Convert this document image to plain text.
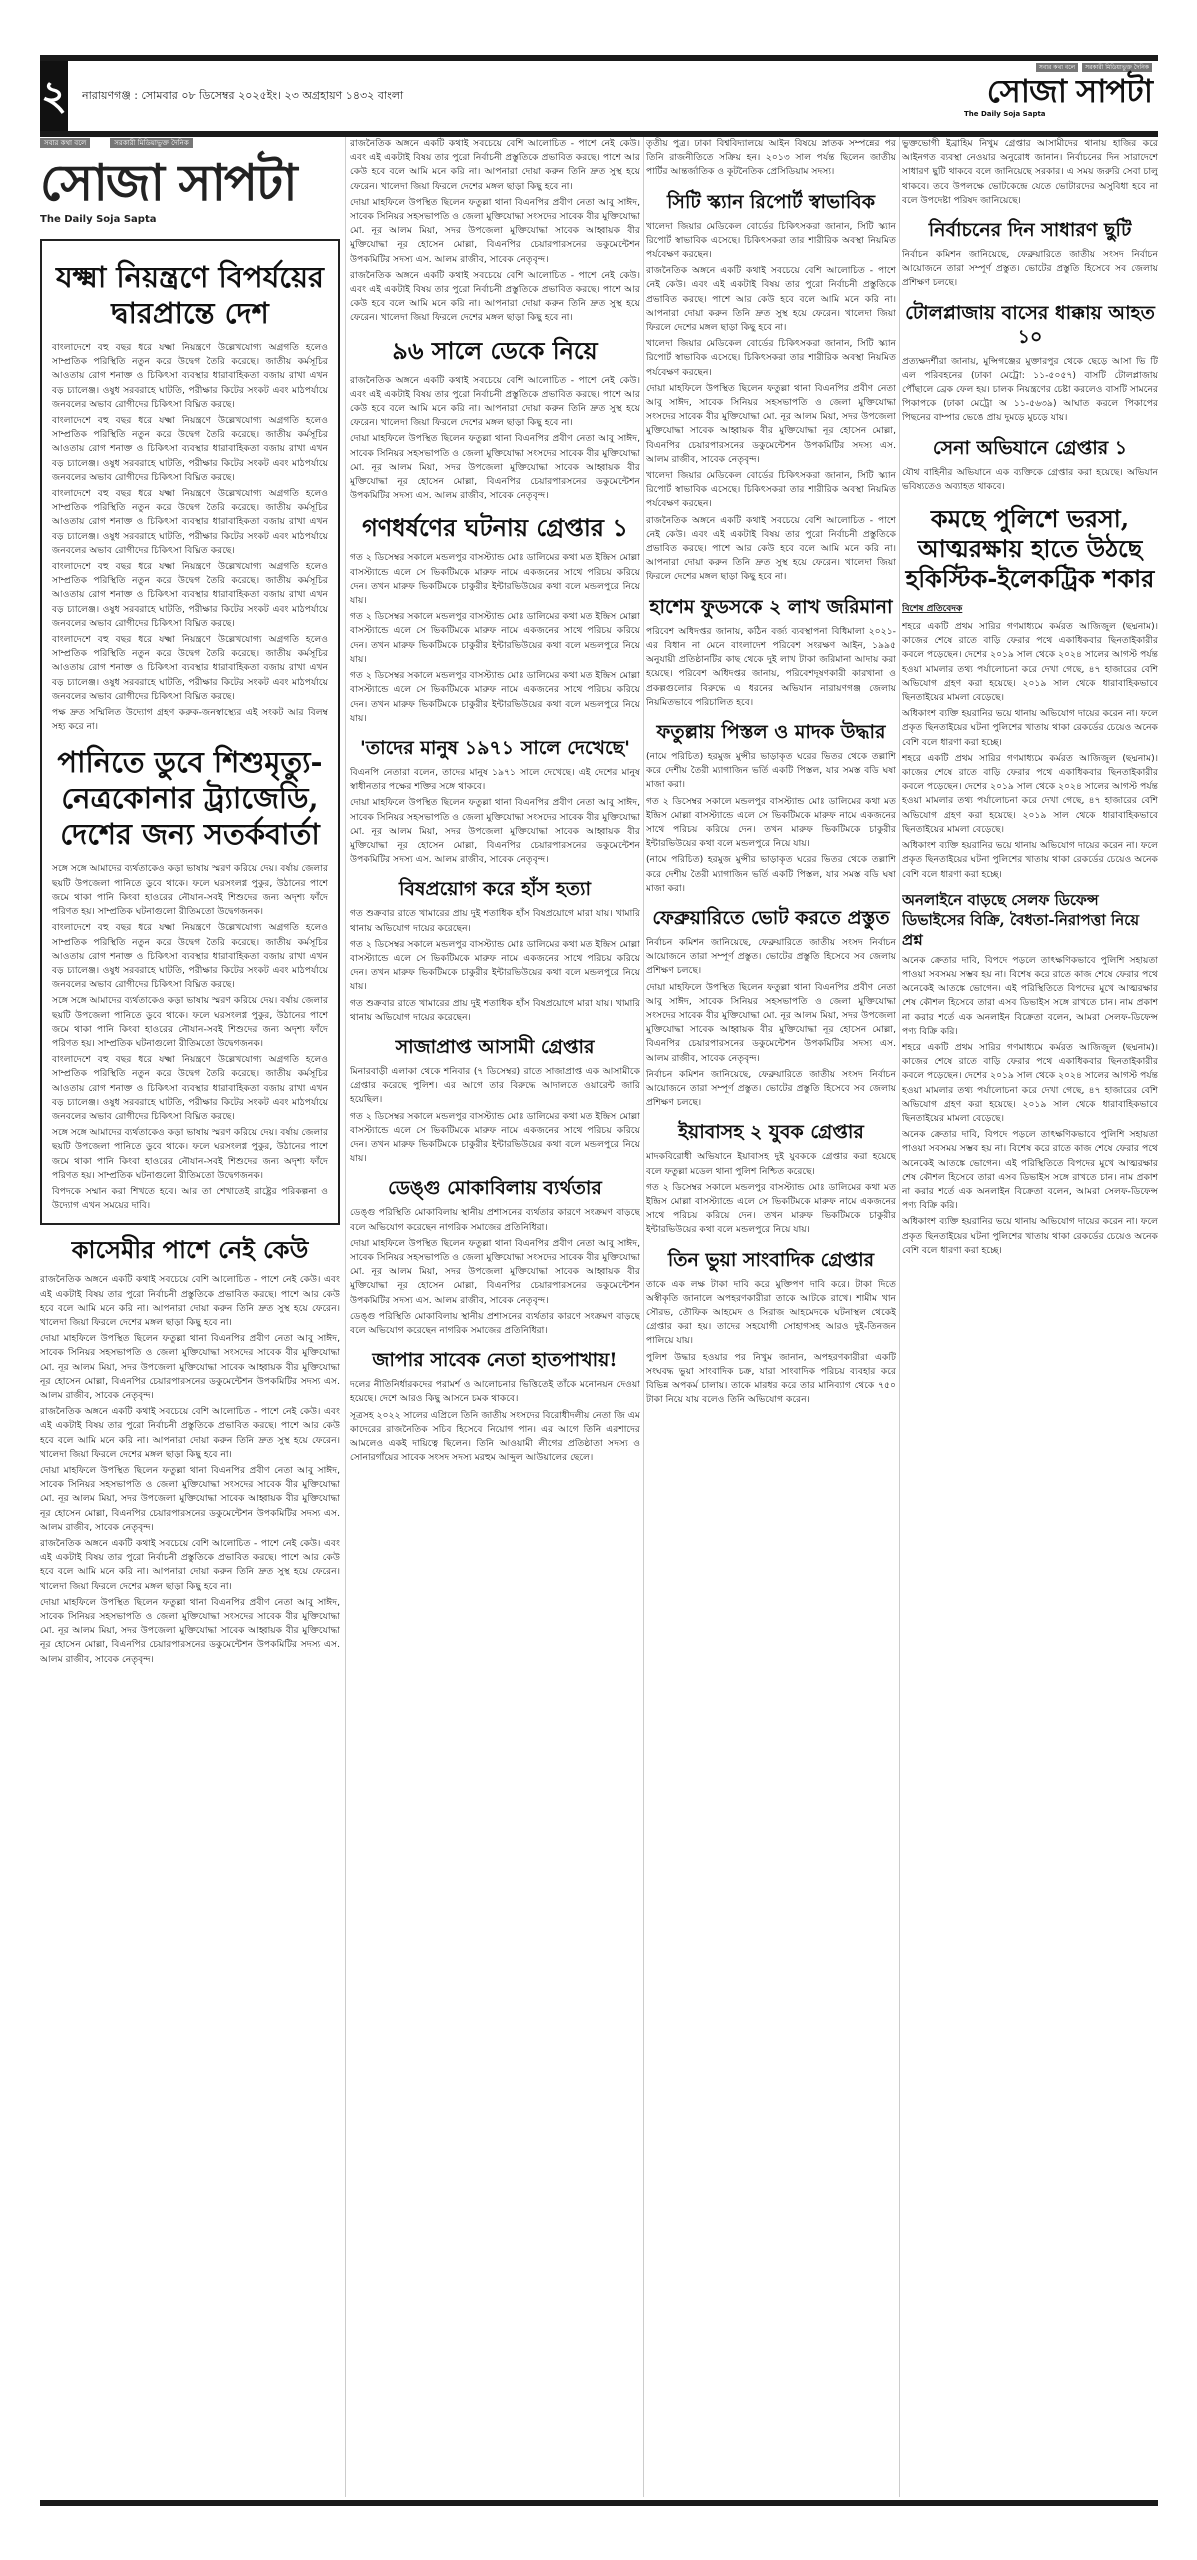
২ নারায়ণগঞ্জ : সোমবার ০৮ ডিসেম্বর ২০২৫ইং। ২৩ অগ্রহায়ণ ১৪৩২ বাংলা
সবার কথা বলে সরকারী মিডিয়াভুক্ত দৈনিক
সোজা সাপটা
The Daily Soja Sapta
সবার কথা বলে	সরকারী মিডিয়াভুক্ত দৈনিক
সোজা সাপটা
The Daily Soja Sapta
যক্ষ্মা নিয়ন্ত্রণে বিপর্যয়ের দ্বারপ্রান্তে দেশ

বাংলাদেশে বহু বছর ধরে যক্ষ্মা নিয়ন্ত্রণে উল্লেখযোগ্য অগ্রগতি হলেও সাম্প্রতিক পরিস্থিতি নতুন করে উদ্বেগ তৈরি করেছে। জাতীয় কর্মসূচির আওতায় রোগ শনাক্ত ও চিকিৎসা ব্যবস্থার ধারাবাহিকতা বজায় রাখা এখন বড় চ্যালেঞ্জ। ওষুধ সরবরাহে ঘাটতি, পরীক্ষার কিটের সংকট এবং মাঠপর্যায়ে জনবলের অভাব রোগীদের চিকিৎসা বিঘ্নিত করছে।

বাংলাদেশে বহু বছর ধরে যক্ষ্মা নিয়ন্ত্রণে উল্লেখযোগ্য অগ্রগতি হলেও সাম্প্রতিক পরিস্থিতি নতুন করে উদ্বেগ তৈরি করেছে। জাতীয় কর্মসূচির আওতায় রোগ শনাক্ত ও চিকিৎসা ব্যবস্থার ধারাবাহিকতা বজায় রাখা এখন বড় চ্যালেঞ্জ। ওষুধ সরবরাহে ঘাটতি, পরীক্ষার কিটের সংকট এবং মাঠপর্যায়ে জনবলের অভাব রোগীদের চিকিৎসা বিঘ্নিত করছে।

বাংলাদেশে বহু বছর ধরে যক্ষ্মা নিয়ন্ত্রণে উল্লেখযোগ্য অগ্রগতি হলেও সাম্প্রতিক পরিস্থিতি নতুন করে উদ্বেগ তৈরি করেছে। জাতীয় কর্মসূচির আওতায় রোগ শনাক্ত ও চিকিৎসা ব্যবস্থার ধারাবাহিকতা বজায় রাখা এখন বড় চ্যালেঞ্জ। ওষুধ সরবরাহে ঘাটতি, পরীক্ষার কিটের সংকট এবং মাঠপর্যায়ে জনবলের অভাব রোগীদের চিকিৎসা বিঘ্নিত করছে।

বাংলাদেশে বহু বছর ধরে যক্ষ্মা নিয়ন্ত্রণে উল্লেখযোগ্য অগ্রগতি হলেও সাম্প্রতিক পরিস্থিতি নতুন করে উদ্বেগ তৈরি করেছে। জাতীয় কর্মসূচির আওতায় রোগ শনাক্ত ও চিকিৎসা ব্যবস্থার ধারাবাহিকতা বজায় রাখা এখন বড় চ্যালেঞ্জ। ওষুধ সরবরাহে ঘাটতি, পরীক্ষার কিটের সংকট এবং মাঠপর্যায়ে জনবলের অভাব রোগীদের চিকিৎসা বিঘ্নিত করছে।

বাংলাদেশে বহু বছর ধরে যক্ষ্মা নিয়ন্ত্রণে উল্লেখযোগ্য অগ্রগতি হলেও সাম্প্রতিক পরিস্থিতি নতুন করে উদ্বেগ তৈরি করেছে। জাতীয় কর্মসূচির আওতায় রোগ শনাক্ত ও চিকিৎসা ব্যবস্থার ধারাবাহিকতা বজায় রাখা এখন বড় চ্যালেঞ্জ। ওষুধ সরবরাহে ঘাটতি, পরীক্ষার কিটের সংকট এবং মাঠপর্যায়ে জনবলের অভাব রোগীদের চিকিৎসা বিঘ্নিত করছে।

পক্ষ দ্রুত সম্মিলিত উদ্যোগ গ্রহণ করুক-জনস্বাস্থ্যের এই সংকট আর বিলম্ব সহ্য করে না।

পানিতে ডুবে শিশুমৃত্যু-নেত্রকোনার ট্র্যাজেডি, দেশের জন্য সতর্কবার্তা

সঙ্গে সঙ্গে আমাদের ব্যর্থতাকেও কড়া ভাষায় স্মরণ করিয়ে দেয়। বর্ষায় জেলার ছয়টি উপজেলা পানিতে ডুবে থাকে। ফলে ঘরসংলগ্ন পুকুর, উঠানের পাশে জমে থাকা পানি কিংবা হাওরের নৌযান-সবই শিশুদের জন্য অদৃশ্য ফাঁদে পরিণত হয়। সাম্প্রতিক ঘটনাগুলো রীতিমতো উদ্বেগজনক।

বাংলাদেশে বহু বছর ধরে যক্ষ্মা নিয়ন্ত্রণে উল্লেখযোগ্য অগ্রগতি হলেও সাম্প্রতিক পরিস্থিতি নতুন করে উদ্বেগ তৈরি করেছে। জাতীয় কর্মসূচির আওতায় রোগ শনাক্ত ও চিকিৎসা ব্যবস্থার ধারাবাহিকতা বজায় রাখা এখন বড় চ্যালেঞ্জ। ওষুধ সরবরাহে ঘাটতি, পরীক্ষার কিটের সংকট এবং মাঠপর্যায়ে জনবলের অভাব রোগীদের চিকিৎসা বিঘ্নিত করছে।

সঙ্গে সঙ্গে আমাদের ব্যর্থতাকেও কড়া ভাষায় স্মরণ করিয়ে দেয়। বর্ষায় জেলার ছয়টি উপজেলা পানিতে ডুবে থাকে। ফলে ঘরসংলগ্ন পুকুর, উঠানের পাশে জমে থাকা পানি কিংবা হাওরের নৌযান-সবই শিশুদের জন্য অদৃশ্য ফাঁদে পরিণত হয়। সাম্প্রতিক ঘটনাগুলো রীতিমতো উদ্বেগজনক।

বাংলাদেশে বহু বছর ধরে যক্ষ্মা নিয়ন্ত্রণে উল্লেখযোগ্য অগ্রগতি হলেও সাম্প্রতিক পরিস্থিতি নতুন করে উদ্বেগ তৈরি করেছে। জাতীয় কর্মসূচির আওতায় রোগ শনাক্ত ও চিকিৎসা ব্যবস্থার ধারাবাহিকতা বজায় রাখা এখন বড় চ্যালেঞ্জ। ওষুধ সরবরাহে ঘাটতি, পরীক্ষার কিটের সংকট এবং মাঠপর্যায়ে জনবলের অভাব রোগীদের চিকিৎসা বিঘ্নিত করছে।

সঙ্গে সঙ্গে আমাদের ব্যর্থতাকেও কড়া ভাষায় স্মরণ করিয়ে দেয়। বর্ষায় জেলার ছয়টি উপজেলা পানিতে ডুবে থাকে। ফলে ঘরসংলগ্ন পুকুর, উঠানের পাশে জমে থাকা পানি কিংবা হাওরের নৌযান-সবই শিশুদের জন্য অদৃশ্য ফাঁদে পরিণত হয়। সাম্প্রতিক ঘটনাগুলো রীতিমতো উদ্বেগজনক।

বিপদকে সম্মান করা শিখতে হবে। আর তা শেখাতেই রাষ্ট্রের পরিকল্পনা ও উদ্যোগ এখন সময়ের দাবি।

কাসেমীর পাশে নেই কেউ

রাজনৈতিক অঙ্গনে একটি কথাই সবচেয়ে বেশি আলোচিত - পাশে নেই কেউ। এবং এই একটাই বিষয় তার পুরো নির্বাচনী প্রস্তুতিকে প্রভাবিত করছে। পাশে আর কেউ হবে বলে আমি মনে করি না। আপনারা দোয়া করুন তিনি দ্রুত সুস্থ হয়ে ফেরেন। খালেদা জিয়া ফিরলে দেশের মঙ্গল ছাড়া কিছু হবে না।

দোয়া মাহফিলে উপস্থিত ছিলেন ফতুল্লা থানা বিএনপির প্রবীণ নেতা আবু সাঈদ, সাবেক সিনিয়র সহসভাপতি ও জেলা মুক্তিযোদ্ধা সংসদের সাবেক বীর মুক্তিযোদ্ধা মো. নূর আলম মিয়া, সদর উপজেলা মুক্তিযোদ্ধা সাবেক আহ্বায়ক বীর মুক্তিযোদ্ধা নূর হোসেন মোল্লা, বিএনপির চেয়ারপারসনের ডকুমেন্টেশন উপকমিটির সদস্য এস. আলম রাজীব, সাবেক নেতৃবৃন্দ।

রাজনৈতিক অঙ্গনে একটি কথাই সবচেয়ে বেশি আলোচিত - পাশে নেই কেউ। এবং এই একটাই বিষয় তার পুরো নির্বাচনী প্রস্তুতিকে প্রভাবিত করছে। পাশে আর কেউ হবে বলে আমি মনে করি না। আপনারা দোয়া করুন তিনি দ্রুত সুস্থ হয়ে ফেরেন। খালেদা জিয়া ফিরলে দেশের মঙ্গল ছাড়া কিছু হবে না।

দোয়া মাহফিলে উপস্থিত ছিলেন ফতুল্লা থানা বিএনপির প্রবীণ নেতা আবু সাঈদ, সাবেক সিনিয়র সহসভাপতি ও জেলা মুক্তিযোদ্ধা সংসদের সাবেক বীর মুক্তিযোদ্ধা মো. নূর আলম মিয়া, সদর উপজেলা মুক্তিযোদ্ধা সাবেক আহ্বায়ক বীর মুক্তিযোদ্ধা নূর হোসেন মোল্লা, বিএনপির চেয়ারপারসনের ডকুমেন্টেশন উপকমিটির সদস্য এস. আলম রাজীব, সাবেক নেতৃবৃন্দ।

রাজনৈতিক অঙ্গনে একটি কথাই সবচেয়ে বেশি আলোচিত - পাশে নেই কেউ। এবং এই একটাই বিষয় তার পুরো নির্বাচনী প্রস্তুতিকে প্রভাবিত করছে। পাশে আর কেউ হবে বলে আমি মনে করি না। আপনারা দোয়া করুন তিনি দ্রুত সুস্থ হয়ে ফেরেন। খালেদা জিয়া ফিরলে দেশের মঙ্গল ছাড়া কিছু হবে না।

দোয়া মাহফিলে উপস্থিত ছিলেন ফতুল্লা থানা বিএনপির প্রবীণ নেতা আবু সাঈদ, সাবেক সিনিয়র সহসভাপতি ও জেলা মুক্তিযোদ্ধা সংসদের সাবেক বীর মুক্তিযোদ্ধা মো. নূর আলম মিয়া, সদর উপজেলা মুক্তিযোদ্ধা সাবেক আহ্বায়ক বীর মুক্তিযোদ্ধা নূর হোসেন মোল্লা, বিএনপির চেয়ারপারসনের ডকুমেন্টেশন উপকমিটির সদস্য এস. আলম রাজীব, সাবেক নেতৃবৃন্দ।

রাজনৈতিক অঙ্গনে একটি কথাই সবচেয়ে বেশি আলোচিত - পাশে নেই কেউ। এবং এই একটাই বিষয় তার পুরো নির্বাচনী প্রস্তুতিকে প্রভাবিত করছে। পাশে আর কেউ হবে বলে আমি মনে করি না। আপনারা দোয়া করুন তিনি দ্রুত সুস্থ হয়ে ফেরেন। খালেদা জিয়া ফিরলে দেশের মঙ্গল ছাড়া কিছু হবে না।

দোয়া মাহফিলে উপস্থিত ছিলেন ফতুল্লা থানা বিএনপির প্রবীণ নেতা আবু সাঈদ, সাবেক সিনিয়র সহসভাপতি ও জেলা মুক্তিযোদ্ধা সংসদের সাবেক বীর মুক্তিযোদ্ধা মো. নূর আলম মিয়া, সদর উপজেলা মুক্তিযোদ্ধা সাবেক আহ্বায়ক বীর মুক্তিযোদ্ধা নূর হোসেন মোল্লা, বিএনপির চেয়ারপারসনের ডকুমেন্টেশন উপকমিটির সদস্য এস. আলম রাজীব, সাবেক নেতৃবৃন্দ।

রাজনৈতিক অঙ্গনে একটি কথাই সবচেয়ে বেশি আলোচিত - পাশে নেই কেউ। এবং এই একটাই বিষয় তার পুরো নির্বাচনী প্রস্তুতিকে প্রভাবিত করছে। পাশে আর কেউ হবে বলে আমি মনে করি না। আপনারা দোয়া করুন তিনি দ্রুত সুস্থ হয়ে ফেরেন। খালেদা জিয়া ফিরলে দেশের মঙ্গল ছাড়া কিছু হবে না।

৯৬ সালে ডেকে নিয়ে

রাজনৈতিক অঙ্গনে একটি কথাই সবচেয়ে বেশি আলোচিত - পাশে নেই কেউ। এবং এই একটাই বিষয় তার পুরো নির্বাচনী প্রস্তুতিকে প্রভাবিত করছে। পাশে আর কেউ হবে বলে আমি মনে করি না। আপনারা দোয়া করুন তিনি দ্রুত সুস্থ হয়ে ফেরেন। খালেদা জিয়া ফিরলে দেশের মঙ্গল ছাড়া কিছু হবে না।

দোয়া মাহফিলে উপস্থিত ছিলেন ফতুল্লা থানা বিএনপির প্রবীণ নেতা আবু সাঈদ, সাবেক সিনিয়র সহসভাপতি ও জেলা মুক্তিযোদ্ধা সংসদের সাবেক বীর মুক্তিযোদ্ধা মো. নূর আলম মিয়া, সদর উপজেলা মুক্তিযোদ্ধা সাবেক আহ্বায়ক বীর মুক্তিযোদ্ধা নূর হোসেন মোল্লা, বিএনপির চেয়ারপারসনের ডকুমেন্টেশন উপকমিটির সদস্য এস. আলম রাজীব, সাবেক নেতৃবৃন্দ।

গণধর্ষণের ঘটনায় গ্রেপ্তার ১

গত ২ ডিসেম্বর সকালে মন্ডলপুর বাসস্ট্যান্ড মোঃ ডালিমের কথা মত ইন্দ্রিস মোল্লা বাসস্ট্যান্ডে এলে সে ভিকটিমকে মারুফ নামে একজনের সাথে পরিচয় করিয়ে দেন। তখন মারুফ ভিকটিমকে চাকুরীর ইন্টারভিউয়ের কথা বলে মন্ডলপুরে নিয়ে যায়।

গত ২ ডিসেম্বর সকালে মন্ডলপুর বাসস্ট্যান্ড মোঃ ডালিমের কথা মত ইন্দ্রিস মোল্লা বাসস্ট্যান্ডে এলে সে ভিকটিমকে মারুফ নামে একজনের সাথে পরিচয় করিয়ে দেন। তখন মারুফ ভিকটিমকে চাকুরীর ইন্টারভিউয়ের কথা বলে মন্ডলপুরে নিয়ে যায়।

গত ২ ডিসেম্বর সকালে মন্ডলপুর বাসস্ট্যান্ড মোঃ ডালিমের কথা মত ইন্দ্রিস মোল্লা বাসস্ট্যান্ডে এলে সে ভিকটিমকে মারুফ নামে একজনের সাথে পরিচয় করিয়ে দেন। তখন মারুফ ভিকটিমকে চাকুরীর ইন্টারভিউয়ের কথা বলে মন্ডলপুরে নিয়ে যায়।

'তাদের মানুষ ১৯৭১ সালে দেখেছে'

বিএনপি নেতারা বলেন, তাদের মানুষ ১৯৭১ সালে দেখেছে। এই দেশের মানুষ স্বাধীনতার পক্ষের শক্তির সঙ্গে থাকবে।

দোয়া মাহফিলে উপস্থিত ছিলেন ফতুল্লা থানা বিএনপির প্রবীণ নেতা আবু সাঈদ, সাবেক সিনিয়র সহসভাপতি ও জেলা মুক্তিযোদ্ধা সংসদের সাবেক বীর মুক্তিযোদ্ধা মো. নূর আলম মিয়া, সদর উপজেলা মুক্তিযোদ্ধা সাবেক আহ্বায়ক বীর মুক্তিযোদ্ধা নূর হোসেন মোল্লা, বিএনপির চেয়ারপারসনের ডকুমেন্টেশন উপকমিটির সদস্য এস. আলম রাজীব, সাবেক নেতৃবৃন্দ।

বিষপ্রয়োগ করে হাঁস হত্যা

গত শুক্রবার রাতে খামারের প্রায় দুই শতাধিক হাঁস বিষপ্রয়োগে মারা যায়। খামারি থানায় অভিযোগ দায়ের করেছেন।

গত ২ ডিসেম্বর সকালে মন্ডলপুর বাসস্ট্যান্ড মোঃ ডালিমের কথা মত ইন্দ্রিস মোল্লা বাসস্ট্যান্ডে এলে সে ভিকটিমকে মারুফ নামে একজনের সাথে পরিচয় করিয়ে দেন। তখন মারুফ ভিকটিমকে চাকুরীর ইন্টারভিউয়ের কথা বলে মন্ডলপুরে নিয়ে যায়।

গত শুক্রবার রাতে খামারের প্রায় দুই শতাধিক হাঁস বিষপ্রয়োগে মারা যায়। খামারি থানায় অভিযোগ দায়ের করেছেন।

সাজাপ্রাপ্ত আসামী গ্রেপ্তার

মিনারবাড়ী এলাকা থেকে শনিবার (৭ ডিসেম্বর) রাতে সাজাপ্রাপ্ত এক আসামীকে গ্রেপ্তার করেছে পুলিশ। এর আগে তার বিরুদ্ধে আদালতে ওয়ারেন্ট জারি হয়েছিল।

গত ২ ডিসেম্বর সকালে মন্ডলপুর বাসস্ট্যান্ড মোঃ ডালিমের কথা মত ইন্দ্রিস মোল্লা বাসস্ট্যান্ডে এলে সে ভিকটিমকে মারুফ নামে একজনের সাথে পরিচয় করিয়ে দেন। তখন মারুফ ভিকটিমকে চাকুরীর ইন্টারভিউয়ের কথা বলে মন্ডলপুরে নিয়ে যায়।

ডেঙ্গু মোকাবিলায় ব্যর্থতার

ডেঙ্গু পরিস্থিতি মোকাবিলায় স্থানীয় প্রশাসনের ব্যর্থতার কারণে সংক্রমণ বাড়ছে বলে অভিযোগ করেছেন নাগরিক সমাজের প্রতিনিধিরা।

দোয়া মাহফিলে উপস্থিত ছিলেন ফতুল্লা থানা বিএনপির প্রবীণ নেতা আবু সাঈদ, সাবেক সিনিয়র সহসভাপতি ও জেলা মুক্তিযোদ্ধা সংসদের সাবেক বীর মুক্তিযোদ্ধা মো. নূর আলম মিয়া, সদর উপজেলা মুক্তিযোদ্ধা সাবেক আহ্বায়ক বীর মুক্তিযোদ্ধা নূর হোসেন মোল্লা, বিএনপির চেয়ারপারসনের ডকুমেন্টেশন উপকমিটির সদস্য এস. আলম রাজীব, সাবেক নেতৃবৃন্দ।

ডেঙ্গু পরিস্থিতি মোকাবিলায় স্থানীয় প্রশাসনের ব্যর্থতার কারণে সংক্রমণ বাড়ছে বলে অভিযোগ করেছেন নাগরিক সমাজের প্রতিনিধিরা।

জাপার সাবেক নেতা হাতপাখায়!

দলের নীতিনির্ধারকদের পরামর্শ ও আলোচনার ভিত্তিতেই তাঁকে মনোনয়ন দেওয়া হয়েছে। দেশে আরও কিছু আসনে চমক থাকবে।

সূত্রসহ ২০২২ সালের এপ্রিলে তিনি জাতীয় সংসদের বিরোধীদলীয় নেতা জি এম কাদেরের রাজনৈতিক সচিব হিসেবে নিয়োগ পান। এর আগে তিনি এরশাদের আমলেও একই দায়িত্বে ছিলেন। তিনি আওয়ামী লীগের প্রতিষ্ঠাতা সদস্য ও সোনারগাঁয়ের সাবেক সংসদ সদস্য মরহুম আব্দুল আউয়ালের ছেলে।

তৃতীয় পুত্র। ঢাকা বিশ্ববিদ্যালয়ে আইন বিষয়ে স্নাতক সম্পন্নের পর তিনি রাজনীতিতে সক্রিয় হন। ২০১৩ সাল পর্যন্ত ছিলেন জাতীয় পার্টির আন্তর্জাতিক ও কূটনৈতিক প্রেসিডিয়াম সদস্য।

সিটি স্ক্যান রিপোর্ট স্বাভাবিক

খালেদা জিয়ার মেডিকেল বোর্ডের চিকিৎসকরা জানান, সিটি স্ক্যান রিপোর্ট স্বাভাবিক এসেছে। চিকিৎসকরা তার শারীরিক অবস্থা নিয়মিত পর্যবেক্ষণ করছেন।

রাজনৈতিক অঙ্গনে একটি কথাই সবচেয়ে বেশি আলোচিত - পাশে নেই কেউ। এবং এই একটাই বিষয় তার পুরো নির্বাচনী প্রস্তুতিকে প্রভাবিত করছে। পাশে আর কেউ হবে বলে আমি মনে করি না। আপনারা দোয়া করুন তিনি দ্রুত সুস্থ হয়ে ফেরেন। খালেদা জিয়া ফিরলে দেশের মঙ্গল ছাড়া কিছু হবে না।

খালেদা জিয়ার মেডিকেল বোর্ডের চিকিৎসকরা জানান, সিটি স্ক্যান রিপোর্ট স্বাভাবিক এসেছে। চিকিৎসকরা তার শারীরিক অবস্থা নিয়মিত পর্যবেক্ষণ করছেন।

দোয়া মাহফিলে উপস্থিত ছিলেন ফতুল্লা থানা বিএনপির প্রবীণ নেতা আবু সাঈদ, সাবেক সিনিয়র সহসভাপতি ও জেলা মুক্তিযোদ্ধা সংসদের সাবেক বীর মুক্তিযোদ্ধা মো. নূর আলম মিয়া, সদর উপজেলা মুক্তিযোদ্ধা সাবেক আহ্বায়ক বীর মুক্তিযোদ্ধা নূর হোসেন মোল্লা, বিএনপির চেয়ারপারসনের ডকুমেন্টেশন উপকমিটির সদস্য এস. আলম রাজীব, সাবেক নেতৃবৃন্দ।

খালেদা জিয়ার মেডিকেল বোর্ডের চিকিৎসকরা জানান, সিটি স্ক্যান রিপোর্ট স্বাভাবিক এসেছে। চিকিৎসকরা তার শারীরিক অবস্থা নিয়মিত পর্যবেক্ষণ করছেন।

রাজনৈতিক অঙ্গনে একটি কথাই সবচেয়ে বেশি আলোচিত - পাশে নেই কেউ। এবং এই একটাই বিষয় তার পুরো নির্বাচনী প্রস্তুতিকে প্রভাবিত করছে। পাশে আর কেউ হবে বলে আমি মনে করি না। আপনারা দোয়া করুন তিনি দ্রুত সুস্থ হয়ে ফেরেন। খালেদা জিয়া ফিরলে দেশের মঙ্গল ছাড়া কিছু হবে না।

হাশেম ফুডসকে ২ লাখ জরিমানা

পরিবেশ অধিদপ্তর জানায়, কঠিন বর্জ্য ব্যবস্থাপনা বিধিমালা ২০২১-এর বিধান না মেনে বাংলাদেশ পরিবেশ সংরক্ষণ আইন, ১৯৯৫ অনুযায়ী প্রতিষ্ঠানটির কাছ থেকে দুই লাখ টাকা জরিমানা আদায় করা হয়েছে। পরিবেশ অধিদপ্তর জানায়, পরিবেশদূষণকারী কারখানা ও প্রকল্পগুলোর বিরুদ্ধে এ ধরনের অভিযান নারায়ণগঞ্জ জেলায় নিয়মিতভাবে পরিচালিত হবে।

ফতুল্লায় পিস্তল ও মাদক উদ্ধার

(নামে পরিচিত) হরমুজ মুন্সীর ভাড়াকৃত ঘরের ভিতর থেকে তল্লাশি করে দেশীয় তৈরী ম্যাগাজিন ভর্তি একটি পিস্তল, যার সমস্ত বডি ঘষা মাজা করা।

গত ২ ডিসেম্বর সকালে মন্ডলপুর বাসস্ট্যান্ড মোঃ ডালিমের কথা মত ইন্দ্রিস মোল্লা বাসস্ট্যান্ডে এলে সে ভিকটিমকে মারুফ নামে একজনের সাথে পরিচয় করিয়ে দেন। তখন মারুফ ভিকটিমকে চাকুরীর ইন্টারভিউয়ের কথা বলে মন্ডলপুরে নিয়ে যায়।

(নামে পরিচিত) হরমুজ মুন্সীর ভাড়াকৃত ঘরের ভিতর থেকে তল্লাশি করে দেশীয় তৈরী ম্যাগাজিন ভর্তি একটি পিস্তল, যার সমস্ত বডি ঘষা মাজা করা।

ফেব্রুয়ারিতে ভোট করতে প্রস্তুত

নির্বাচন কমিশন জানিয়েছে, ফেব্রুয়ারিতে জাতীয় সংসদ নির্বাচন আয়োজনে তারা সম্পূর্ণ প্রস্তুত। ভোটের প্রস্তুতি হিসেবে সব জেলায় প্রশিক্ষণ চলছে।

দোয়া মাহফিলে উপস্থিত ছিলেন ফতুল্লা থানা বিএনপির প্রবীণ নেতা আবু সাঈদ, সাবেক সিনিয়র সহসভাপতি ও জেলা মুক্তিযোদ্ধা সংসদের সাবেক বীর মুক্তিযোদ্ধা মো. নূর আলম মিয়া, সদর উপজেলা মুক্তিযোদ্ধা সাবেক আহ্বায়ক বীর মুক্তিযোদ্ধা নূর হোসেন মোল্লা, বিএনপির চেয়ারপারসনের ডকুমেন্টেশন উপকমিটির সদস্য এস. আলম রাজীব, সাবেক নেতৃবৃন্দ।

নির্বাচন কমিশন জানিয়েছে, ফেব্রুয়ারিতে জাতীয় সংসদ নির্বাচন আয়োজনে তারা সম্পূর্ণ প্রস্তুত। ভোটের প্রস্তুতি হিসেবে সব জেলায় প্রশিক্ষণ চলছে।

ইয়াবাসহ ২ যুবক গ্রেপ্তার

মাদকবিরোধী অভিযানে ইয়াবাসহ দুই যুবককে গ্রেপ্তার করা হয়েছে বলে ফতুল্লা মডেল থানা পুলিশ নিশ্চিত করেছে।

গত ২ ডিসেম্বর সকালে মন্ডলপুর বাসস্ট্যান্ড মোঃ ডালিমের কথা মত ইন্দ্রিস মোল্লা বাসস্ট্যান্ডে এলে সে ভিকটিমকে মারুফ নামে একজনের সাথে পরিচয় করিয়ে দেন। তখন মারুফ ভিকটিমকে চাকুরীর ইন্টারভিউয়ের কথা বলে মন্ডলপুরে নিয়ে যায়।

তিন ভুয়া সাংবাদিক গ্রেপ্তার

তাকে এক লক্ষ টাকা দাবি করে মুক্তিপণ দাবি করে। টাকা দিতে অস্বীকৃতি জানালে অপহরণকারীরা তাকে আটকে রাখে। শামীম খান সৌরভ, তৌফিক আহমেদ ও সিরাজ আহমেদকে ঘটনাস্থল থেকেই গ্রেপ্তার করা হয়। তাদের সহযোগী সোহাগসহ আরও দুই-তিনজন পালিয়ে যায়।

পুলিশ উদ্ধার হওয়ার পর নিখুম জানান, অপহরণকারীরা একটি সংঘবদ্ধ ভুয়া সাংবাদিক চক্র, যারা সাংবাদিক পরিচয় ব্যবহার করে বিভিন্ন অপকর্ম চালায়। তাকে মারধর করে তার মানিব্যাগ থেকে ৭৫০ টাকা নিয়ে যায় বলেও তিনি অভিযোগ করেন।

ভুক্তভোগী ইব্রাহিম নিখুম গ্রেপ্তার আসামীদের থানায় হাজির করে আইনগত ব্যবস্থা নেওয়ার অনুরোধ জানান। নির্বাচনের দিন সারাদেশে সাধারণ ছুটি থাকবে বলে জানিয়েছে সরকার। এ সময় জরুরি সেবা চালু থাকবে। তবে উপলক্ষে ভোটকেন্দ্রে যেতে ভোটারদের অসুবিধা হবে না বলে উপদেষ্টা পরিষদ জানিয়েছে।

নির্বাচনের দিন সাধারণ ছুটি

নির্বাচন কমিশন জানিয়েছে, ফেব্রুয়ারিতে জাতীয় সংসদ নির্বাচন আয়োজনে তারা সম্পূর্ণ প্রস্তুত। ভোটের প্রস্তুতি হিসেবে সব জেলায় প্রশিক্ষণ চলছে।

টোলপ্লাজায় বাসের ধাক্কায় আহত ১০

প্রত্যক্ষদর্শীরা জানায়, মুন্সিগঞ্জের মুক্তারপুর থেকে ছেড়ে আসা ভি টি এল পরিবহনের (ঢাকা মেট্রো: ১১-৫০৫৭) বাসটি টোলপ্লাজায় পৌঁছালে ব্রেক ফেল হয়। চালক নিয়ন্ত্রণের চেষ্টা করলেও বাসটি সামনের পিকাপকে (ঢাকা মেট্রো অ ১১-৫৬৩৯) আঘাত করলে পিকাপের পিছনের বাম্পার ভেঙে প্রায় দুমড়ে মুচড়ে যায়।

সেনা অভিযানে গ্রেপ্তার ১

যৌথ বাহিনীর অভিযানে এক ব্যক্তিকে গ্রেপ্তার করা হয়েছে। অভিযান ভবিষ্যতেও অব্যাহত থাকবে।

কমছে পুলিশে ভরসা, আত্মরক্ষায় হাতে উঠছে হকিস্টিক-ইলেকট্রিক শকার
বিশেষ প্রতিবেদক

শহরে একটি প্রথম সারির গণমাধ্যমে কর্মরত আজিজুল (ছদ্মনাম)। কাজের শেষে রাতে বাড়ি ফেরার পথে একাধিকবার ছিনতাইকারীর কবলে পড়েছেন। দেশের ২০১৯ সাল থেকে ২০২৪ সালের আগস্ট পর্যন্ত হওয়া মামলার তথ্য পর্যালোচনা করে দেখা গেছে, ৪৭ হাজারের বেশি অভিযোগ গ্রহণ করা হয়েছে। ২০১৯ সাল থেকে ধারাবাহিকভাবে ছিনতাইয়ের মামলা বেড়েছে।

অধিকাংশ ব্যক্তি হয়রানির ভয়ে থানায় অভিযোগ দায়ের করেন না। ফলে প্রকৃত ছিনতাইয়ের ঘটনা পুলিশের খাতায় থাকা রেকর্ডের চেয়েও অনেক বেশি বলে ধারণা করা হচ্ছে।

শহরে একটি প্রথম সারির গণমাধ্যমে কর্মরত আজিজুল (ছদ্মনাম)। কাজের শেষে রাতে বাড়ি ফেরার পথে একাধিকবার ছিনতাইকারীর কবলে পড়েছেন। দেশের ২০১৯ সাল থেকে ২০২৪ সালের আগস্ট পর্যন্ত হওয়া মামলার তথ্য পর্যালোচনা করে দেখা গেছে, ৪৭ হাজারের বেশি অভিযোগ গ্রহণ করা হয়েছে। ২০১৯ সাল থেকে ধারাবাহিকভাবে ছিনতাইয়ের মামলা বেড়েছে।

অধিকাংশ ব্যক্তি হয়রানির ভয়ে থানায় অভিযোগ দায়ের করেন না। ফলে প্রকৃত ছিনতাইয়ের ঘটনা পুলিশের খাতায় থাকা রেকর্ডের চেয়েও অনেক বেশি বলে ধারণা করা হচ্ছে।

অনলাইনে বাড়ছে সেলফ ডিফেন্স ডিভাইসের বিক্রি, বৈধতা-নিরাপত্তা নিয়ে প্রশ্ন

অনেক ক্রেতার দাবি, বিপদে পড়লে তাৎক্ষণিকভাবে পুলিশি সহায়তা পাওয়া সবসময় সম্ভব হয় না। বিশেষ করে রাতে কাজ শেষে ফেরার পথে অনেকেই আতঙ্কে ভোগেন। এই পরিস্থিতিতে বিপদের মুখে আত্মরক্ষার শেষ কৌশল হিসেবে তারা এসব ডিভাইস সঙ্গে রাখতে চান। নাম প্রকাশ না করার শর্তে এক অনলাইন বিক্রেতা বলেন, আমরা সেলফ-ডিফেন্স পণ্য বিক্রি করি।

শহরে একটি প্রথম সারির গণমাধ্যমে কর্মরত আজিজুল (ছদ্মনাম)। কাজের শেষে রাতে বাড়ি ফেরার পথে একাধিকবার ছিনতাইকারীর কবলে পড়েছেন। দেশের ২০১৯ সাল থেকে ২০২৪ সালের আগস্ট পর্যন্ত হওয়া মামলার তথ্য পর্যালোচনা করে দেখা গেছে, ৪৭ হাজারের বেশি অভিযোগ গ্রহণ করা হয়েছে। ২০১৯ সাল থেকে ধারাবাহিকভাবে ছিনতাইয়ের মামলা বেড়েছে।

অনেক ক্রেতার দাবি, বিপদে পড়লে তাৎক্ষণিকভাবে পুলিশি সহায়তা পাওয়া সবসময় সম্ভব হয় না। বিশেষ করে রাতে কাজ শেষে ফেরার পথে অনেকেই আতঙ্কে ভোগেন। এই পরিস্থিতিতে বিপদের মুখে আত্মরক্ষার শেষ কৌশল হিসেবে তারা এসব ডিভাইস সঙ্গে রাখতে চান। নাম প্রকাশ না করার শর্তে এক অনলাইন বিক্রেতা বলেন, আমরা সেলফ-ডিফেন্স পণ্য বিক্রি করি।

অধিকাংশ ব্যক্তি হয়রানির ভয়ে থানায় অভিযোগ দায়ের করেন না। ফলে প্রকৃত ছিনতাইয়ের ঘটনা পুলিশের খাতায় থাকা রেকর্ডের চেয়েও অনেক বেশি বলে ধারণা করা হচ্ছে।
